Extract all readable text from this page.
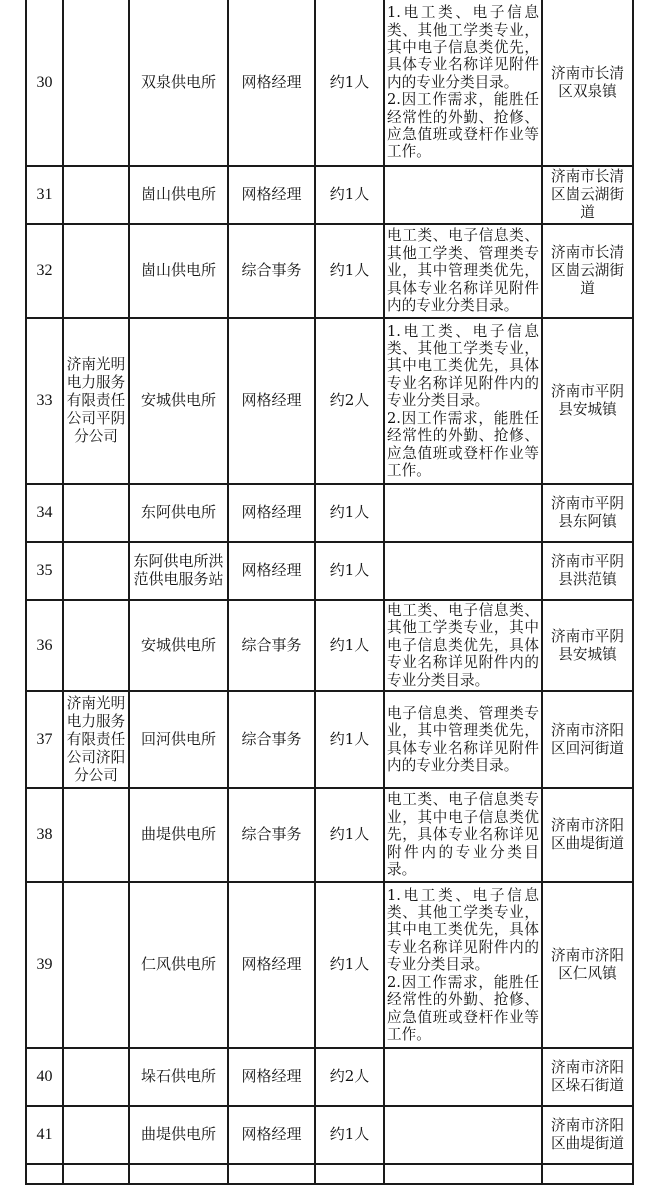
30		双泉供电所	网格经理	约1人	1.电工类、电子信息类、其他工学类专业，其中电子信息类优先，具体专业名称详见附件内的专业分类目录。
2.因工作需求，能胜任经常性的外勤、抢修、应急值班或登杆作业等工作。	济南市长清区双泉镇
31		崮山供电所	网格经理	约1人		济南市长清区崮云湖街道
32		崮山供电所	综合事务	约1人	电工类、电子信息类、其他工学类、管理类专业，其中管理类优先，具体专业名称详见附件内的专业分类目录。	济南市长清区崮云湖街道
33	济南光明电力服务有限责任公司平阴分公司	安城供电所	网格经理	约2人	1.电工类、电子信息类、其他工学类专业，其中电工类优先，具体专业名称详见附件内的专业分类目录。
2.因工作需求，能胜任经常性的外勤、抢修、应急值班或登杆作业等工作。	济南市平阴县安城镇
34		东阿供电所	网格经理	约1人		济南市平阴县东阿镇
35		东阿供电所洪范供电服务站	网格经理	约1人		济南市平阴县洪范镇
36		安城供电所	综合事务	约1人	电工类、电子信息类、其他工学类专业，其中电子信息类优先，具体专业名称详见附件内的专业分类目录。	济南市平阴县安城镇
37	济南光明电力服务有限责任公司济阳分公司	回河供电所	综合事务	约1人	电子信息类、管理类专业，其中管理类优先，具体专业名称详见附件内的专业分类目录。	济南市济阳区回河街道
38		曲堤供电所	综合事务	约1人	电工类、电子信息类专业，其中电子信息类优先，具体专业名称详见附件内的专业分类目录。	济南市济阳区曲堤街道
39		仁风供电所	网格经理	约1人	1.电工类、电子信息类、其他工学类专业，其中电工类优先，具体专业名称详见附件内的专业分类目录。
2.因工作需求，能胜任经常性的外勤、抢修、应急值班或登杆作业等工作。	济南市济阳区仁风镇
40		垛石供电所	网格经理	约2人		济南市济阳区垛石街道
41		曲堤供电所	网格经理	约1人		济南市济阳区曲堤街道
